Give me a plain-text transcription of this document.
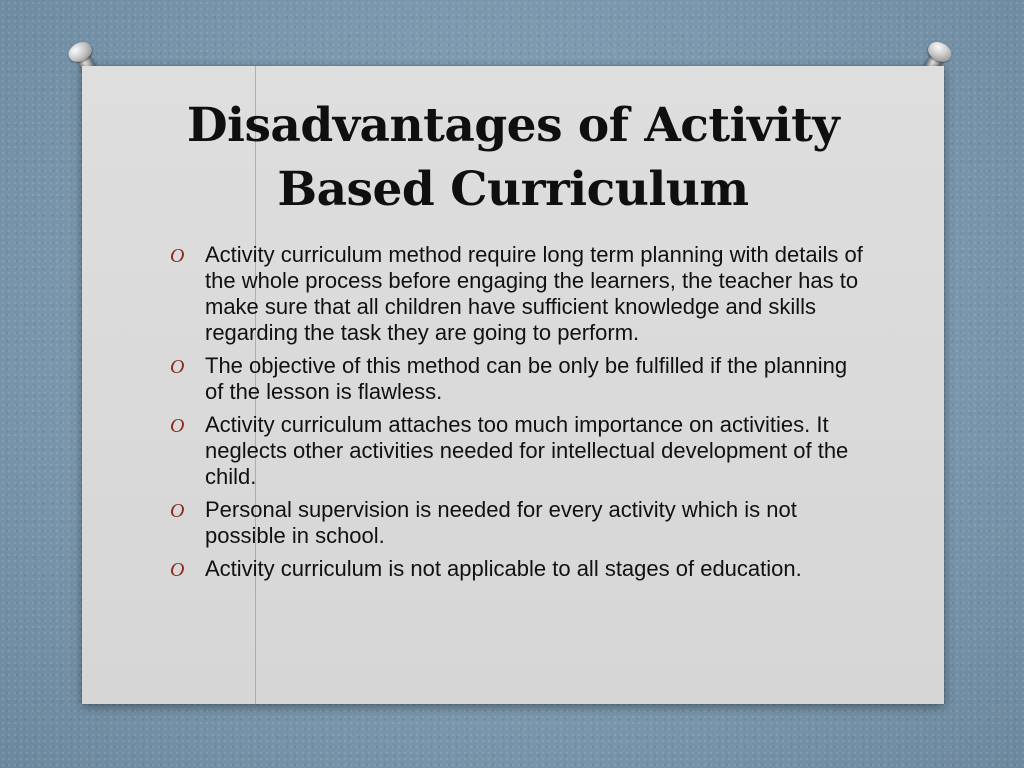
Disadvantages of Activity
Based Curriculum
O Activity curriculum method require long term planning with details of the whole process before engaging the learners, the teacher has to make sure that all children have sufficient knowledge and skills regarding the task they are going to perform.
O The objective of this method can be only be fulfilled if the planning of the lesson is flawless.
O Activity curriculum attaches too much importance on activities. It neglects other activities needed for intellectual development of the child.
O Personal supervision is needed for every activity which is not possible in school.
O Activity curriculum is not applicable to all stages of education.
